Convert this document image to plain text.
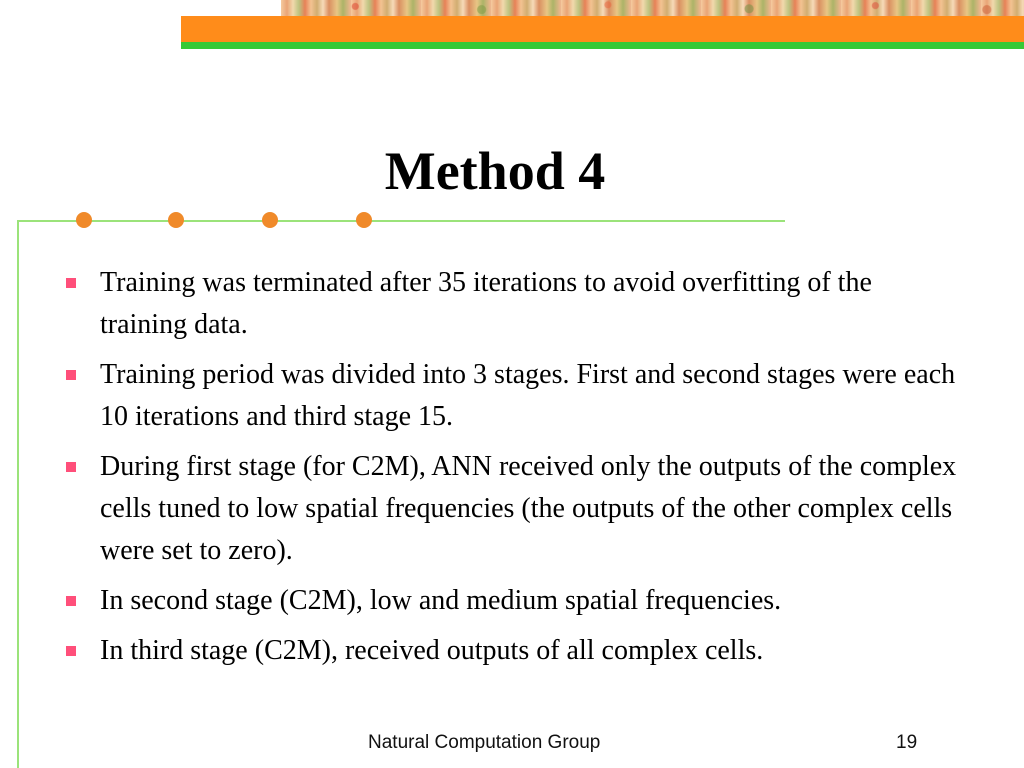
Method 4
Training was terminated after 35 iterations to avoid overfitting of the training data.
Training period was divided into 3 stages. First and second stages were each 10 iterations and third stage 15.
During first stage (for C2M), ANN received only the outputs of the complex cells tuned to low spatial frequencies (the outputs of the other complex cells were set to zero).
In second stage (C2M), low and medium spatial frequencies.
In third stage (C2M), received outputs of all complex cells.
Natural Computation Group	19
